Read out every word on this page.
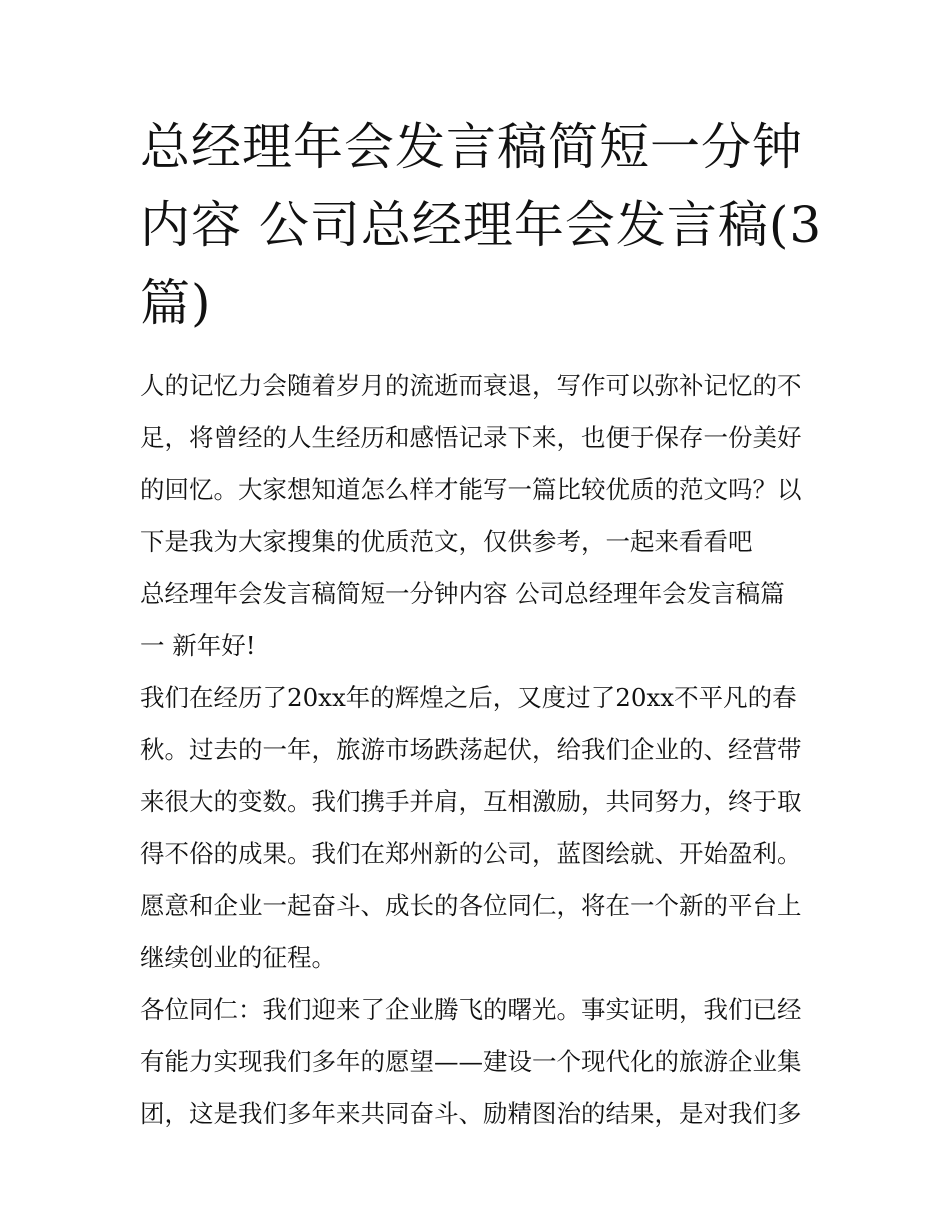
总经理年会发言稿简短一分钟
内容 公司总经理年会发言稿(3
篇)

人的记忆力会随着岁月的流逝而衰退，写作可以弥补记忆的不
足，将曾经的人生经历和感悟记录下来，也便于保存一份美好
的回忆。大家想知道怎么样才能写一篇比较优质的范文吗？以
下是我为大家搜集的优质范文，仅供参考，一起来看看吧

总经理年会发言稿简短一分钟内容 公司总经理年会发言稿篇
一 新年好!

我们在经历了20xx年的辉煌之后，又度过了20xx不平凡的春
秋。过去的一年，旅游市场跌荡起伏，给我们企业的、经营带
来很大的变数。我们携手并肩，互相激励，共同努力，终于取
得不俗的成果。我们在郑州新的公司，蓝图绘就、开始盈利。
愿意和企业一起奋斗、成长的各位同仁，将在一个新的平台上
继续创业的征程。

各位同仁：我们迎来了企业腾飞的曙光。事实证明，我们已经
有能力实现我们多年的愿望——建设一个现代化的旅游企业集
团，这是我们多年来共同奋斗、励精图治的结果，是对我们多
